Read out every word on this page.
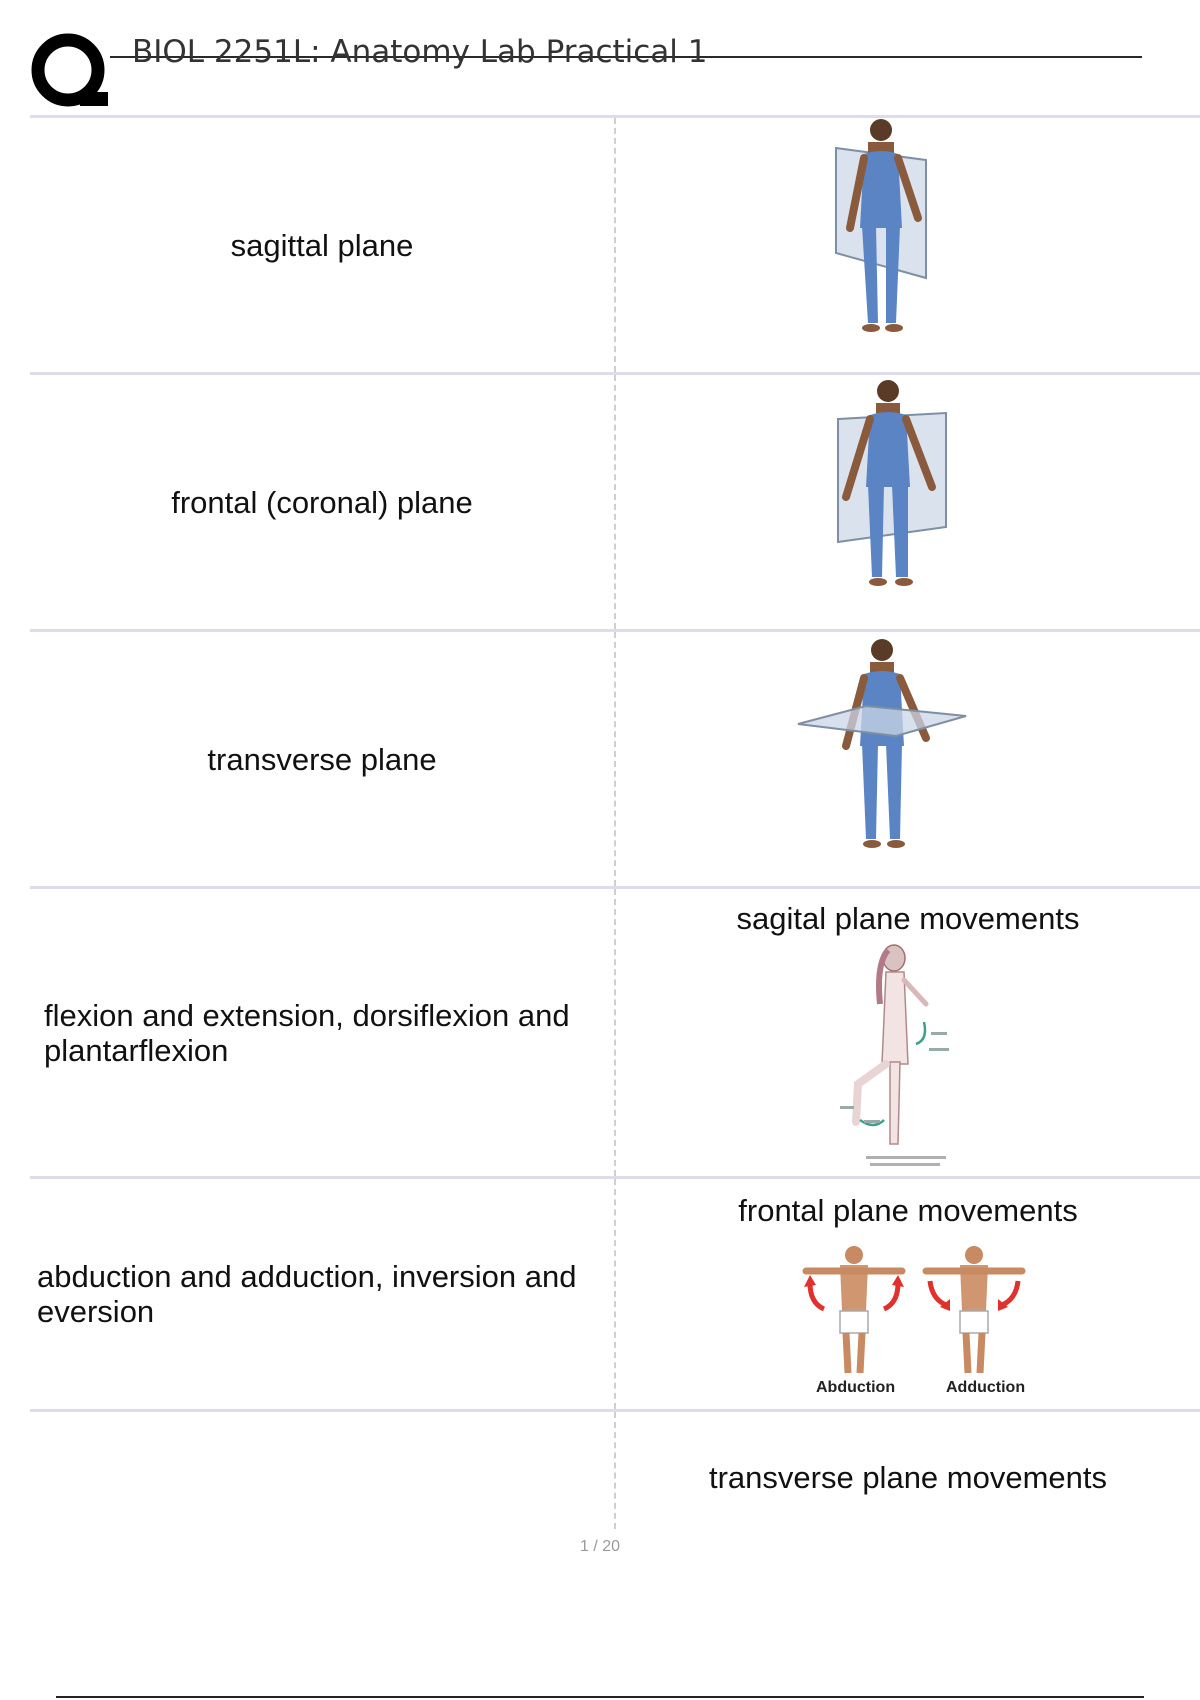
BIOL 2251L: Anatomy Lab Practical 1
sagittal plane
frontal (coronal) plane
transverse plane
flexion and extension, dorsiflexion and plantarflexion
sagital plane movements
abduction and adduction, inversion and eversion
frontal plane movements
Abduction	Adduction
transverse plane movements
1 / 20
